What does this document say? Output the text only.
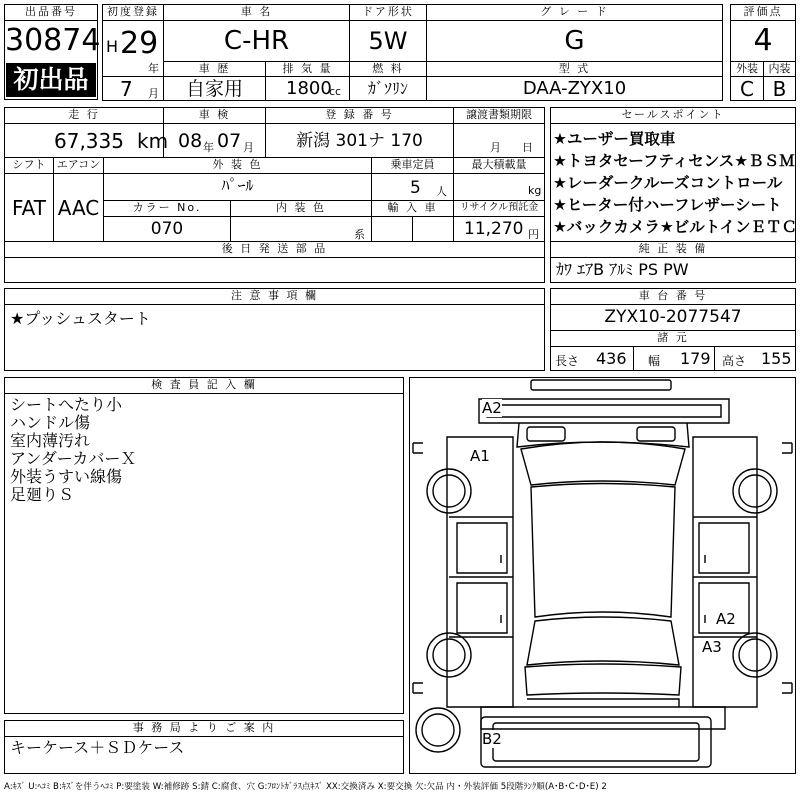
出品番号
30874
初出品
初度登録
H 29
年
7 月
車 名
C-HR
ドア形状
5W
グ レ ー ド
G
評価点
4
車 歴
自家用
排 気 量
1800
cc
燃 料
ｶﾞｿﾘﾝ
型 式
DAA-ZYX10
外装 内装
C B
走 行
67,335 km
車 検
08 年 07 月
登 録 番 号
新潟 301ナ 170
譲渡書類期限
月 日
シフト
FAT
エアコン
AAC
外 装 色
ﾊﾟｰﾙ
乗車定員
5 人
最大積載量
kg
カラー No.
070
内 装 色
系
輸 入 車	リサイクル預託金
11,270 円
後 日 発 送 部 品
セールスポイント
★ユーザー買取車
★トヨタセーフティセンス★ＢＳＭ
★レーダークルーズコントロール
★ヒーター付ハーフレザーシート
★バックカメラ★ビルトインＥＴＣ
純 正 装 備
ｶﾜ ｴｱB ｱﾙﾐ PS PW
注 意 事 項 欄
★プッシュスタート
車 台 番 号
ZYX10-2077547
諸 元
長さ 436 幅 179 高さ 155
検 査 員 記 入 欄
シートへたり小
ハンドル傷
室内薄汚れ
アンダーカバーＸ
外装うすい線傷
足廻りＳ
事 務 局 よ り ご 案 内
キーケース＋ＳＤケース
A2
A1
A2
A3
B2
A:ｷｽﾞ U:ﾍｺﾐ B:ｷｽﾞを伴うﾍｺﾐ P:要塗装 W:補修跡 S:錆 C:腐食、穴 G:ﾌﾛﾝﾄｶﾞﾗｽ点ｷｽﾞ XX:交換済み X:要交換 欠:欠品 内・外装評価 5段階ﾗﾝｸ順(A･B･C･D･E) 2
